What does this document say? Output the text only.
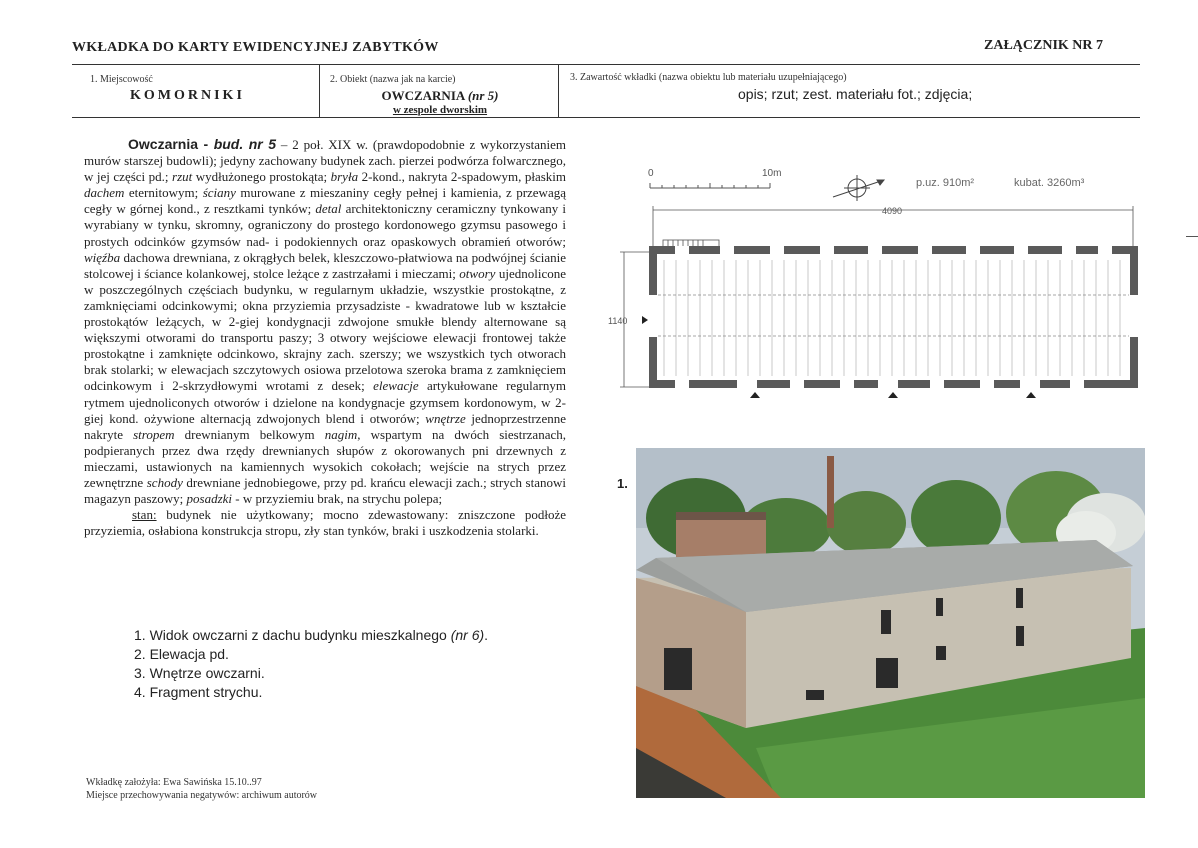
WKŁADKA DO KARTY EWIDENCYJNEJ ZABYTKÓW	ZAŁĄCZNIK NR 7
1. Miejscowość
KOMORNIKI
2. Obiekt (nazwa jak na karcie)
OWCZARNIA (nr 5)
w zespole dworskim
3. Zawartość wkładki (nazwa obiektu lub materiału uzupełniającego)
opis; rzut; zest. materiału fot.; zdjęcia;
Owczarnia - bud. nr 5 – 2 poł. XIX w. (prawdopodobnie z wykorzystaniem murów starszej budowli); jedyny zachowany budynek zach. pierzei podwórza folwarcznego, w jej części pd.; rzut wydłużonego prostokąta; bryła 2-kond., nakryta 2-spadowym, płaskim dachem eternitowym; ściany murowane z mieszaniny cegły pełnej i kamienia, z przewagą cegły w górnej kond., z resztkami tynków; detal architektoniczny ceramiczny tynkowany i wyrabiany w tynku, skromny, ograniczony do prostego kordonowego gzymsu pasowego i prostych odcinków gzymsów nad- i podokiennych oraz opaskowych obramień otworów; więźba dachowa drewniana, z okrągłych belek, kleszczowo-płatwiowa na podwójnej ścianie stolcowej i ściance kolankowej, stolce leżące z zastrzałami i mieczami; otwory ujednolicone w poszczególnych częściach budynku, w regularnym układzie, wszystkie prostokątne, z zamknięciami odcinkowymi; okna przyziemia przysadziste - kwadratowe lub w kształcie prostokątów leżących, w 2-giej kondygnacji zdwojone smukłe blendy alternowane są większymi otworami do transportu paszy; 3 otwory wejściowe elewacji frontowej także prostokątne i zamknięte odcinkowo, skrajny zach. szerszy; we wszystkich tych otworach brak stolarki; w elewacjach szczytowych osiowa przelotowa szeroka brama z zamknięciem odcinkowym i 2-skrzydłowymi wrotami z desek; elewacje artykułowane regularnym rytmem ujednoliconych otworów i dzielone na kondygnacje gzymsem kordonowym, w 2-giej kond. ożywione alternacją zdwojonych blend i otworów; wnętrze jednoprzestrzenne nakryte stropem drewnianym belkowym nagim, wspartym na dwóch siestrzanach, podpieranych przez dwa rzędy drewnianych słupów z okorowanych pni drzewnych z mieczami, ustawionych na kamiennych wysokich cokołach; wejście na strych przez zewnętrzne schody drewniane jednobiegowe, przy pd. krańcu elewacji zach.; strych stanowi magazyn paszowy; posadzki - w przyziemiu brak, na strychu polepa;
stan: budynek nie użytkowany; mocno zdewastowany: zniszczone podłoże przyziemia, osłabiona konstrukcja stropu, zły stan tynków, braki i uszkodzenia stolarki.
1. Widok owczarni z dachu budynku mieszkalnego (nr 6).
2. Elewacja pd.
3. Wnętrze owczarni.
4. Fragment strychu.
Wkładkę założyła: Ewa Sawińska 15.10..97
Miejsce przechowywania negatywów: archiwum autorów
0	10m
p.uz. 910m²	kubat. 3260m³
4090
1140
1.
